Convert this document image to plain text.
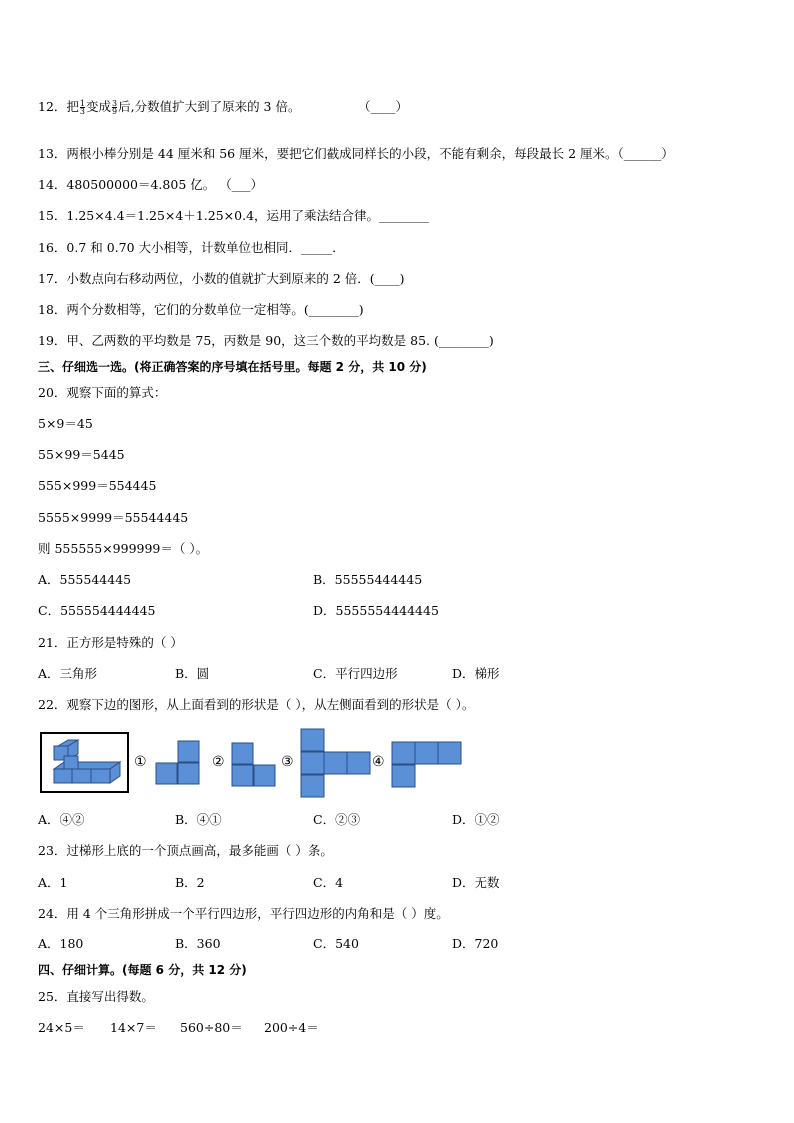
12．把 $\frac{1}{3}$ 变成 $\frac{3}{9}$ 后,分数值扩大到了原来的 3 倍。	（____）
13．两根小棒分别是 44 厘米和 56 厘米，要把它们截成同样长的小段，不能有剩余，每段最长 2 厘米。（______）
14．480500000＝4.805 亿。 （___）
15．1.25×4.4＝1.25×4＋1.25×0.4，运用了乘法结合律。________
16．0.7 和 0.70 大小相等，计数单位也相同．_____．
17．小数点向右移动两位，小数的值就扩大到原来的 2 倍．(____)
18．两个分数相等，它们的分数单位一定相等。(________)
19．甲、乙两数的平均数是 75，丙数是 90，这三个数的平均数是 85. (________)
三、仔细选一选。(将正确答案的序号填在括号里。每题 2 分，共 10 分)
20．观察下面的算式：
5×9＝45
55×99＝5445
555×999＝554445
5555×9999＝55544445
则 555555×999999＝（ ）。
A．555544445	B．55555444445
C．555554444445	D．5555554444445
21．正方形是特殊的（ ）
A．三角形	B．圆	C．平行四边形	D．梯形
22．观察下边的图形，从上面看到的形状是（ ），从左侧面看到的形状是（ ）。
①	②	③	④
A．④②	B．④①	C．②③	D．①②
23．过梯形上底的一个顶点画高，最多能画（ ）条。
A．1	B．2	C．4	D．无数
24．用 4 个三角形拼成一个平行四边形，平行四边形的内角和是（ ）度。
A．180	B．360	C．540	D．720
四、仔细计算。(每题 6 分，共 12 分)
25．直接写出得数。
24×5＝ 14×7＝ 560÷80＝ 200÷4＝
